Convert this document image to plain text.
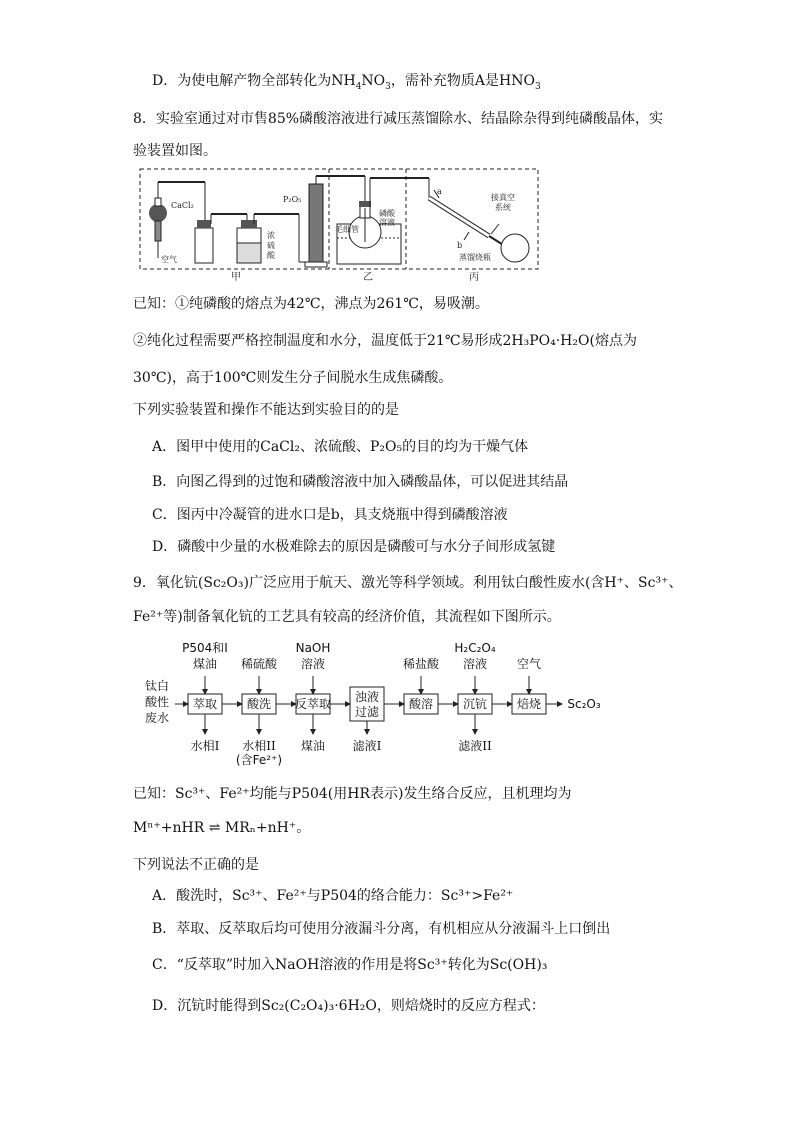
D．为使电解产物全部转化为$NH_4NO_3$，需补充物质A是$HNO_3$
8．实验室通过对市售85%磷酸溶液进行减压蒸馏除水、结晶除杂得到纯磷酸晶体，实
验装置如图。
CaCl₂
空气
浓
硫
酸
P₂O₅
毛细管
磷酸
溶液
a
b
接真空
系统
蒸馏烧瓶
甲	乙	丙
已知：①纯磷酸的熔点为42℃，沸点为261℃，易吸潮。
②纯化过程需要严格控制温度和水分，温度低于21℃易形成2H₃PO₄·H₂O(熔点为
30℃)，高于100℃则发生分子间脱水生成焦磷酸。
下列实验装置和操作不能达到实验目的的是
A．图甲中使用的CaCl₂、浓硫酸、P₂O₅的目的均为干燥气体
B．向图乙得到的过饱和磷酸溶液中加入磷酸晶体，可以促进其结晶
C．图丙中冷凝管的进水口是b，具支烧瓶中得到磷酸溶液
D．磷酸中少量的水极难除去的原因是磷酸可与水分子间形成氢键
9．氧化钪(Sc₂O₃)广泛应用于航天、激光等科学领域。利用钛白酸性废水(含H⁺、Sc³⁺、
Fe²⁺等)制备氧化钪的工艺具有较高的经济价值，其流程如下图所示。
钛白
酸性
废水
萃取 酸洗 反萃取 浊液
过滤
酸溶 沉钪 焙烧 Sc₂O₃
P504和I
煤油 稀硫酸
NaOH
溶液	稀盐酸
H₂C₂O₄
溶液 空气
水相I 水相II
(含Fe²⁺)
煤油 滤液I	滤液II
已知：Sc³⁺、Fe²⁺均能与P504(用HR表示)发生络合反应，且机理均为
Mⁿ⁺+nHR ⇌ MRₙ+nH⁺。
下列说法不正确的是
A．酸洗时，Sc³⁺、Fe²⁺与P504的络合能力：Sc³⁺>Fe²⁺
B．萃取、反萃取后均可使用分液漏斗分离，有机相应从分液漏斗上口倒出
C．“反萃取”时加入NaOH溶液的作用是将Sc³⁺转化为Sc(OH)₃
D．沉钪时能得到Sc₂(C₂O₄)₃·6H₂O，则焙烧时的反应方程式：
